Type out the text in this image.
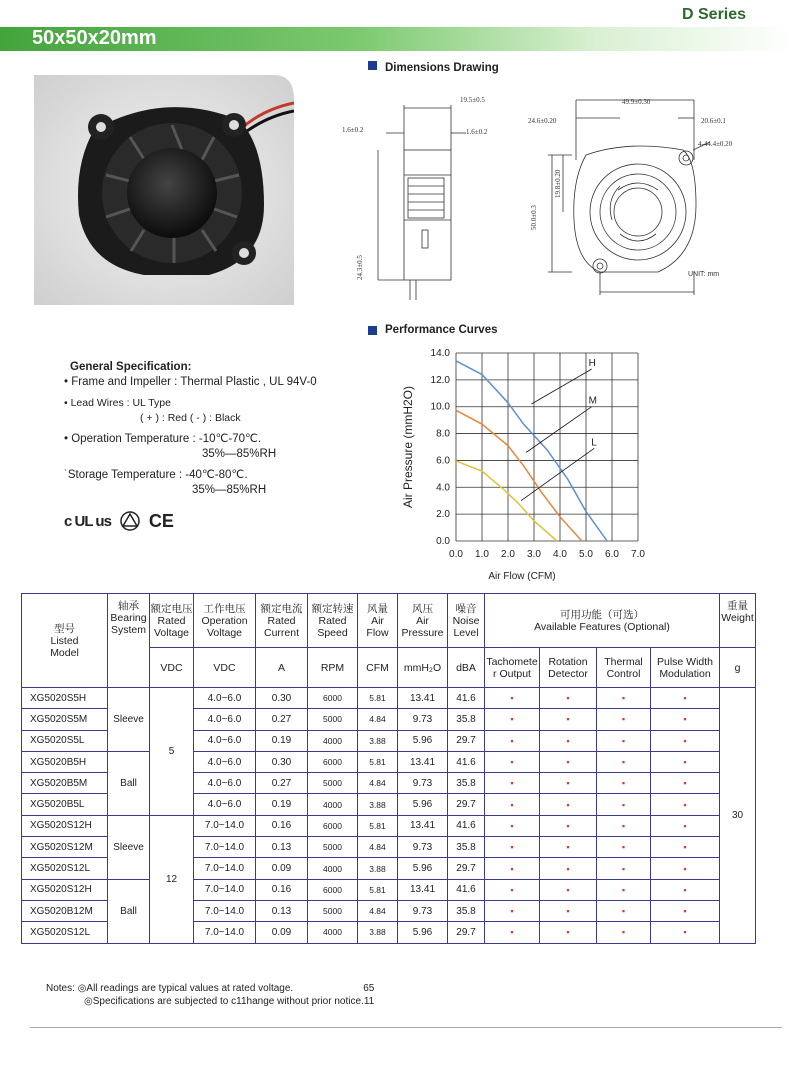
D Series
50x50x20mm
Dimensions Drawing
19.5±0.5
1.6±0.2	1.6±0.2
24.3±0.5
49.9±0.30
24.6±0.20	20.6±0.1
4-44.4±0.20
19.8±0.20
50.0±0.3
UNIT: mm
Performance Curves
General Specification:
• Frame and Impeller : Thermal Plastic , UL 94V-0
• Lead Wires : UL Type
( + ) : Red ( - ) : Black
• Operation Temperature : -10℃-70℃.
35%—85%RH
˙Storage Temperature : -40℃-80℃.
35%—85%RH
c UL us CE
0.0 1.0 2.0 3.0 4.0 5.0 6.0 7.0
0.0
2.0
4.0
6.0
8.0
10.0
12.0
14.0
Air Flow (CFM)
Air Pressure (mmH2O)
H
M
L
型号
Listed
Model	轴承
Bearing
System	额定电压
Rated
Voltage	工作电压
Operation
Voltage	额定电流
Rated
Current	额定转速
Rated
Speed	风量
Air
Flow	风压
Air
Pressure	噪音
Noise
Level	可用功能（可选）
Available Features (Optional)				重量
Weight
		VDC	VDC	A	RPM	CFM	mmH₂O	dBA	Tachomete r Output	Rotation Detector	Thermal Control	Pulse Width Modulation	g
XG5020S5H	Sleeve	5	4.0~6.0	0.30	6000	5.81	13.41	41.6	▪	▪	▪	▪	30
XG5020S5M			4.0~6.0	0.27	5000	4.84	9.73	35.8	▪	▪	▪	▪	
XG5020S5L			4.0~6.0	0.19	4000	3.88	5.96	29.7	▪	▪	▪	▪	
XG5020B5H	Ball		4.0~6.0	0.30	6000	5.81	13.41	41.6	▪	▪	▪	▪	
XG5020B5M			4.0~6.0	0.27	5000	4.84	9.73	35.8	▪	▪	▪	▪	
XG5020B5L			4.0~6.0	0.19	4000	3.88	5.96	29.7	▪	▪	▪	▪	
XG5020S12H	Sleeve	12	7.0~14.0	0.16	6000	5.81	13.41	41.6	▪	▪	▪	▪	
XG5020S12M			7.0~14.0	0.13	5000	4.84	9.73	35.8	▪	▪	▪	▪	
XG5020S12L			7.0~14.0	0.09	4000	3.88	5.96	29.7	▪	▪	▪	▪	
XG5020S12H	Ball		7.0~14.0	0.16	6000	5.81	13.41	41.6	▪	▪	▪	▪	
XG5020B12M			7.0~14.0	0.13	5000	4.84	9.73	35.8	▪	▪	▪	▪	
XG5020S12L			7.0~14.0	0.09	4000	3.88	5.96	29.7	▪	▪	▪	▪	
Notes: ◎All readings are typical values at rated voltage.	65
◎Specifications are subjected to c11hange without prior notice.11
